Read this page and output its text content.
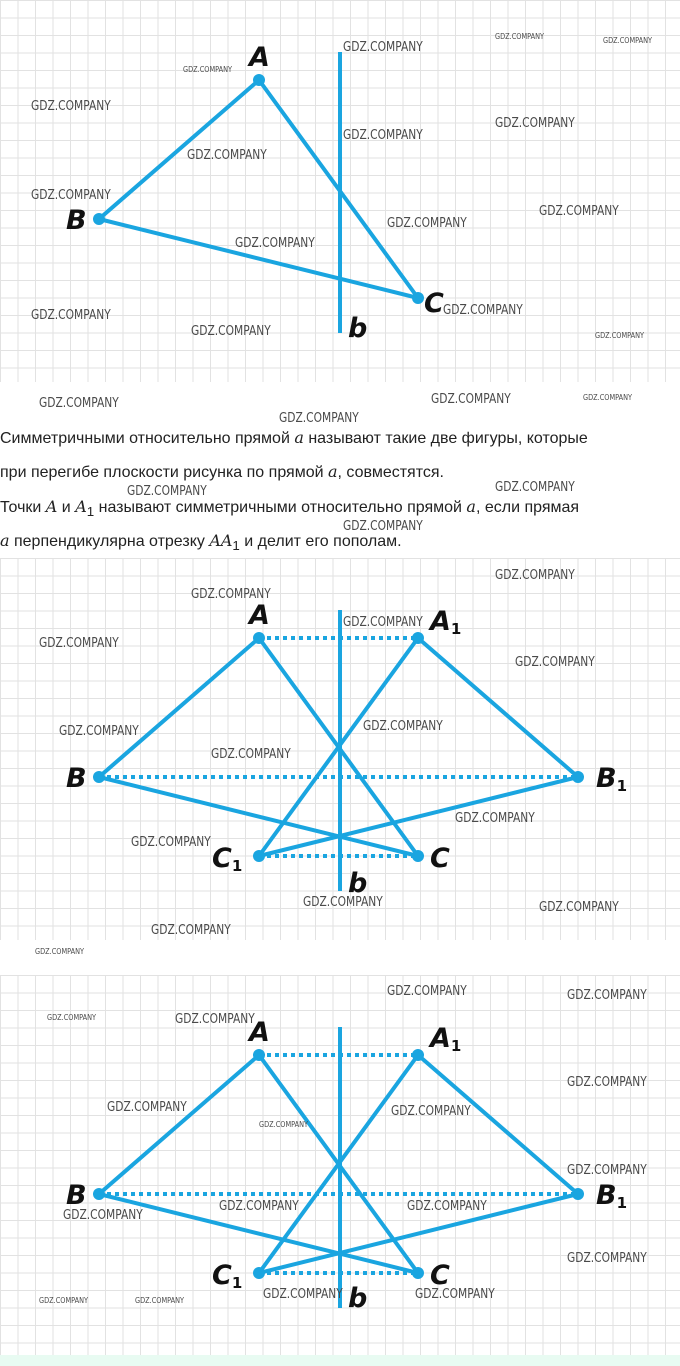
A
B
C
b
GDZ.COMPANY
GDZ.COMPANY	GDZ.COMPANY
GDZ.COMPANY
GDZ.COMPANY
GDZ.COMPANY
GDZ.COMPANY
GDZ.COMPANY
GDZ.COMPANY
GDZ.COMPANY
GDZ.COMPANY
GDZ.COMPANY
GDZ.COMPANY
GDZ.COMPANY
GDZ.COMPANY	GDZ.COMPANY
GDZ.COMPANY	GDZ.COMPANY	GDZ.COMPANY
GDZ.COMPANY
Симметричными относительно прямой a называют такие две фигуры, которые
при перегибе плоскости рисунка по прямой a, совместятся.
Точки A и $A_1$ называют симметричными относительно прямой a, если прямая
a перпендикулярна отрезку $AA_1$ и делит его пополам.
GDZ.COMPANY	GDZ.COMPANY
GDZ.COMPANY
A	$A_1$
B	$B_1$
C
$C_1$
b
GDZ.COMPANY
GDZ.COMPANY
GDZ.COMPANY
GDZ.COMPANY
GDZ.COMPANY
GDZ.COMPANY
GDZ.COMPANY
GDZ.COMPANY
GDZ.COMPANY
GDZ.COMPANY
GDZ.COMPANY	GDZ.COMPANY
GDZ.COMPANY
GDZ.COMPANY
A	$A_1$
B	$B_1$
C
$C_1$	b
GDZ.COMPANY	GDZ.COMPANY
GDZ.COMPANY	GDZ.COMPANY
GDZ.COMPANY
GDZ.COMPANY	GDZ.COMPANY
GDZ.COMPANY
GDZ.COMPANY
GDZ.COMPANY	GDZ.COMPANY
GDZ.COMPANY
GDZ.COMPANY
GDZ.COMPANY	GDZ.COMPANY	GDZ.COMPANY	GDZ.COMPANY
